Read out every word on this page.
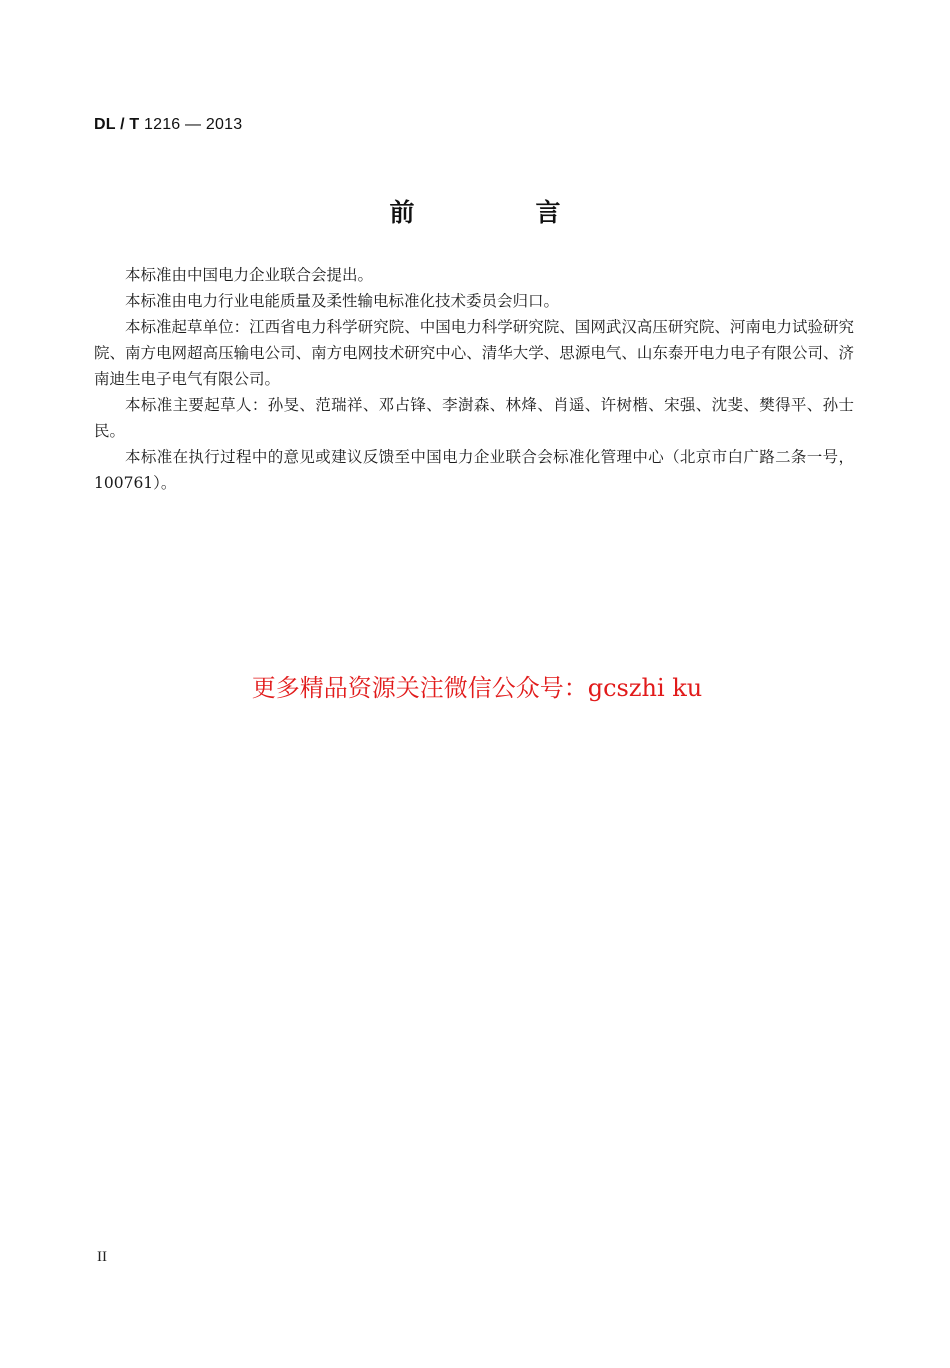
DL / T 1216 — 2013
前　言

本标准由中国电力企业联合会提出。

本标准由电力行业电能质量及柔性输电标准化技术委员会归口。

本标准起草单位：江西省电力科学研究院、中国电力科学研究院、国网武汉高压研究院、河南电力试验研究院、南方电网超高压输电公司、南方电网技术研究中心、清华大学、思源电气、山东泰开电力电子有限公司、济南迪生电子电气有限公司。

本标准主要起草人：孙旻、范瑞祥、邓占锋、李澍森、林烽、肖遥、许树楷、宋强、沈斐、樊得平、孙士民。

本标准在执行过程中的意见或建议反馈至中国电力企业联合会标准化管理中心（北京市白广路二条一号，100761）。

更多精品资源关注微信公众号：gcszhi ku
II
